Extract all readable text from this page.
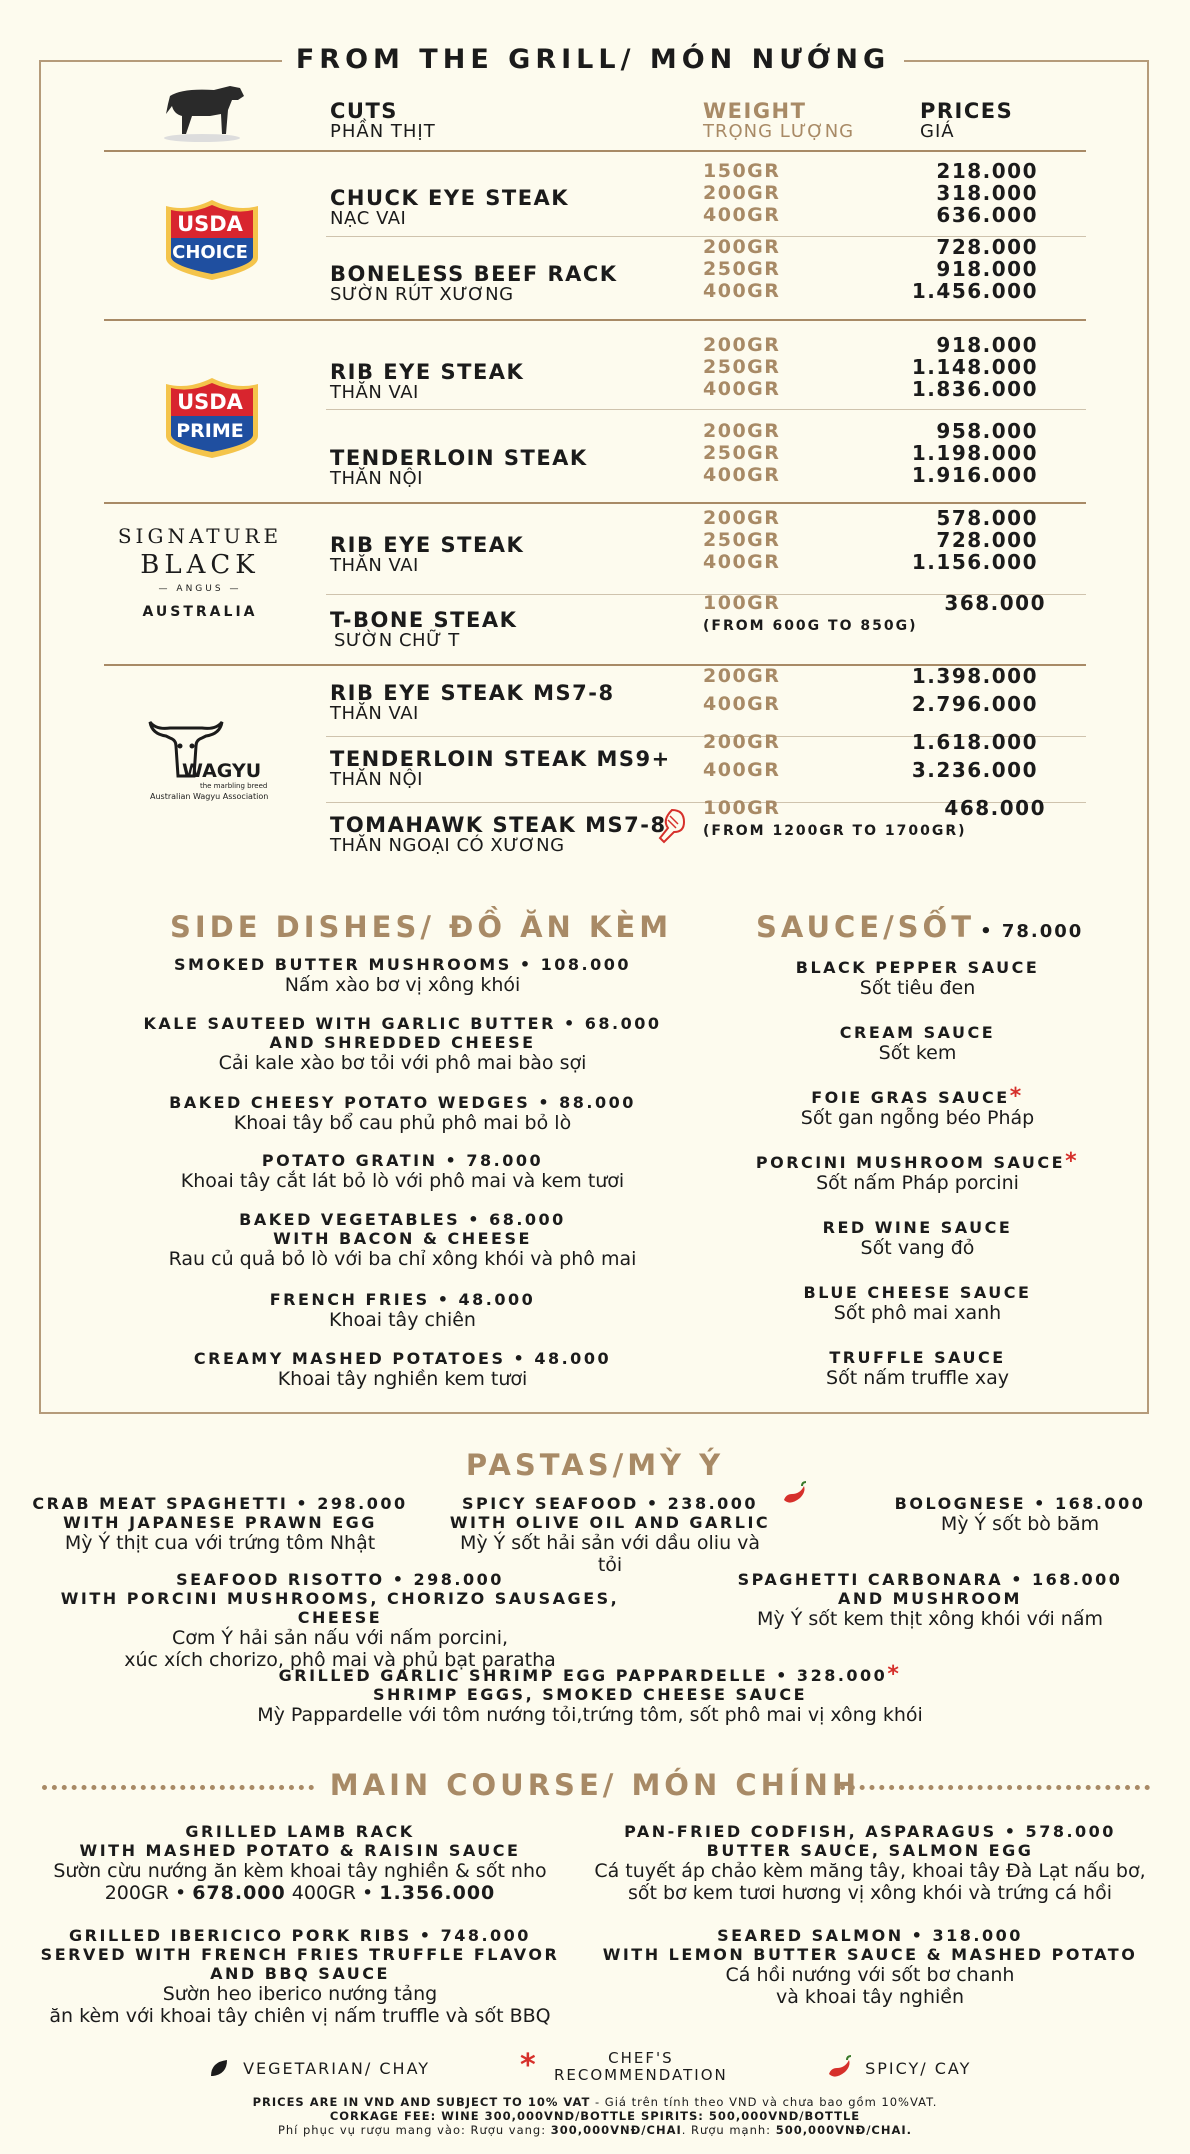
FROM THE GRILL/ MÓN NƯỚNG
CUTS
PHẦN THỊT
WEIGHT
TRỌNG LƯỢNG
PRICES
GIÁ
USDA
CHOICE
USDA
PRIME
SIGNATURE
BLACK
— ANGUS —
AUSTRALIA
WAGYU
the marbling breed
Australian Wagyu Association
CHUCK EYE STEAK
NẠC VAI
150GR	218.000
200GR	318.000
400GR	636.000
BONELESS BEEF RACK
SƯỜN RÚT XƯƠNG
200GR	728.000
250GR	918.000
400GR	1.456.000
RIB EYE STEAK
THĂN VAI
200GR	918.000
250GR	1.148.000
400GR	1.836.000
TENDERLOIN STEAK
THĂN NỘI
200GR	958.000
250GR	1.198.000
400GR	1.916.000
RIB EYE STEAK
THĂN VAI
200GR	578.000
250GR	728.000
400GR	1.156.000
T-BONE STEAK
SƯỜN CHỮ T
100GR	368.000
(FROM 600G TO 850G)
RIB EYE STEAK MS7-8
THĂN VAI
200GR	1.398.000
400GR	2.796.000
TENDERLOIN STEAK MS9+
THĂN NỘI
200GR	1.618.000
400GR	3.236.000
TOMAHAWK STEAK MS7-8
THĂN NGOẠI CÓ XƯƠNG
100GR	468.000
(FROM 1200GR TO 1700GR)
SIDE DISHES/ ĐỒ ĂN KÈM
SMOKED BUTTER MUSHROOMS • 108.000
Nấm xào bơ vị xông khói
KALE SAUTEED WITH GARLIC BUTTER • 68.000
AND SHREDDED CHEESE
Cải kale xào bơ tỏi với phô mai bào sợi
BAKED CHEESY POTATO WEDGES • 88.000
Khoai tây bổ cau phủ phô mai bỏ lò
POTATO GRATIN • 78.000
Khoai tây cắt lát bỏ lò với phô mai và kem tươi
BAKED VEGETABLES • 68.000
WITH BACON & CHEESE
Rau củ quả bỏ lò với ba chỉ xông khói và phô mai
FRENCH FRIES • 48.000
Khoai tây chiên
CREAMY MASHED POTATOES • 48.000
Khoai tây nghiền kem tươi
SAUCE/SỐT • 78.000
BLACK PEPPER SAUCE
Sốt tiêu đen
CREAM SAUCE
Sốt kem
FOIE GRAS SAUCE*
Sốt gan ngỗng béo Pháp
PORCINI MUSHROOM SAUCE*
Sốt nấm Pháp porcini
RED WINE SAUCE
Sốt vang đỏ
BLUE CHEESE SAUCE
Sốt phô mai xanh
TRUFFLE SAUCE
Sốt nấm truffle xay
PASTAS/MỲ Ý
CRAB MEAT SPAGHETTI • 298.000
WITH JAPANESE PRAWN EGG
Mỳ Ý thịt cua với trứng tôm Nhật
SPICY SEAFOOD • 238.000
WITH OLIVE OIL AND GARLIC
Mỳ Ý sốt hải sản với dầu oliu và tỏi
BOLOGNESE • 168.000
Mỳ Ý sốt bò băm
SEAFOOD RISOTTO • 298.000
WITH PORCINI MUSHROOMS, CHORIZO SAUSAGES, CHEESE
Cơm Ý hải sản nấu với nấm porcini,
xúc xích chorizo, phô mai và phủ bạt paratha
SPAGHETTI CARBONARA • 168.000
AND MUSHROOM
Mỳ Ý sốt kem thịt xông khói với nấm
GRILLED GARLIC SHRIMP EGG PAPPARDELLE • 328.000*
SHRIMP EGGS, SMOKED CHEESE SAUCE
Mỳ Pappardelle với tôm nướng tỏi,trứng tôm, sốt phô mai vị xông khói
MAIN COURSE/ MÓN CHÍNH
GRILLED LAMB RACK
WITH MASHED POTATO & RAISIN SAUCE
Sườn cừu nướng ăn kèm khoai tây nghiền & sốt nho
200GR • 678.000 400GR • 1.356.000
PAN-FRIED CODFISH, ASPARAGUS • 578.000
BUTTER SAUCE, SALMON EGG
Cá tuyết áp chảo kèm măng tây, khoai tây Đà Lạt nấu bơ,
sốt bơ kem tươi hương vị xông khói và trứng cá hồi
GRILLED IBERICICO PORK RIBS • 748.000
SERVED WITH FRENCH FRIES TRUFFLE FLAVOR
AND BBQ SAUCE
Sườn heo iberico nướng tảng
ăn kèm với khoai tây chiên vị nấm truffle và sốt BBQ
SEARED SALMON • 318.000
WITH LEMON BUTTER SAUCE & MASHED POTATO
Cá hồi nướng với sốt bơ chanh
và khoai tây nghiền
VEGETARIAN/ CHAY	*	CHEF'S
RECOMMENDATION	SPICY/ CAY
PRICES ARE IN VND AND SUBJECT TO 10% VAT - Giá trên tính theo VND và chưa bao gồm 10%VAT.
CORKAGE FEE: WINE 300,000VND/BOTTLE SPIRITS: 500,000VND/BOTTLE
Phí phục vụ rượu mang vào: Rượu vang: 300,000VNĐ/CHAI. Rượu mạnh: 500,000VNĐ/CHAI.
